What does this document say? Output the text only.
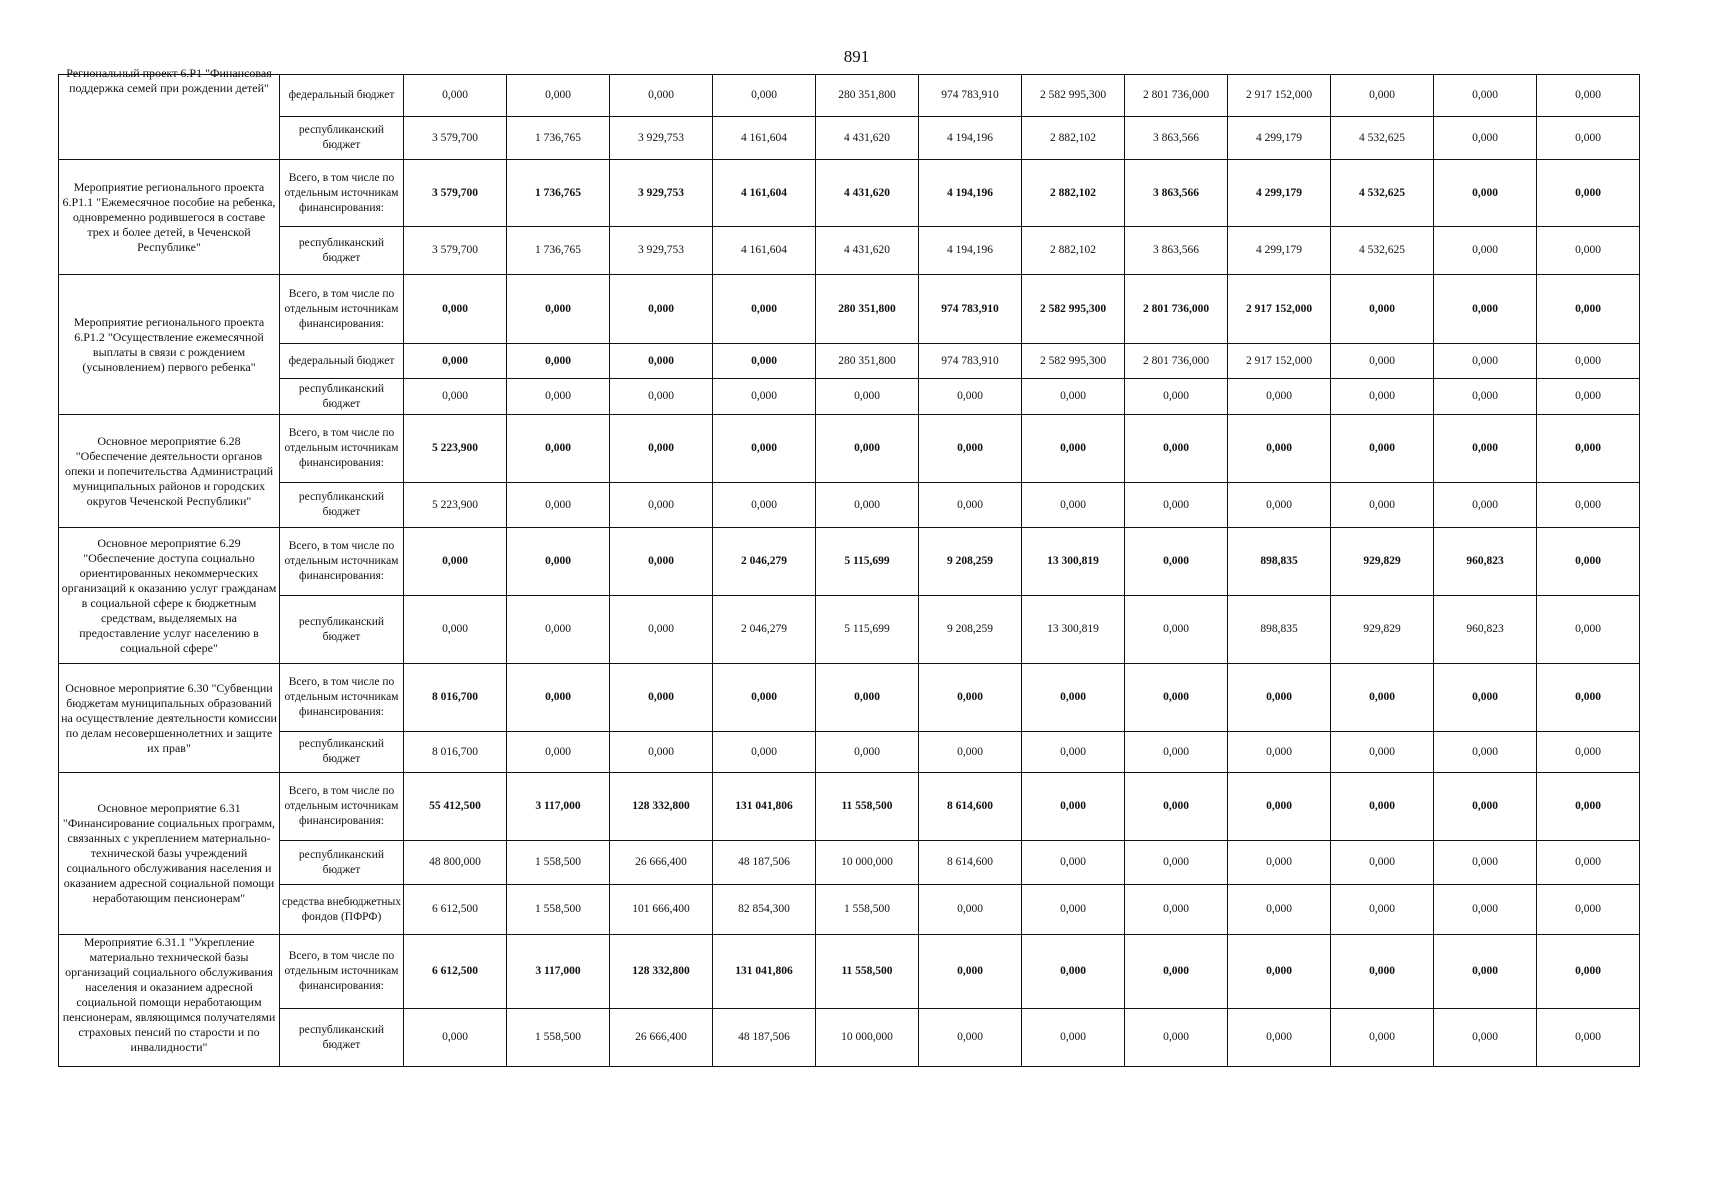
891
Региональный проект 6.Р1 "Финансовая поддержка семей при рождении детей"	федеральный бюджет	0,000	0,000	0,000	0,000	280 351,800	974 783,910	2 582 995,300	2 801 736,000	2 917 152,000	0,000	0,000	0,000
	республиканский бюджет	3 579,700	1 736,765	3 929,753	4 161,604	4 431,620	4 194,196	2 882,102	3 863,566	4 299,179	4 532,625	0,000	0,000
Мероприятие регионального проекта 6.Р1.1 "Ежемесячное пособие на ребенка, одновременно родившегося в составе трех и более детей, в Чеченской Республике"	Всего, в том числе по отдельным источникам финансирования:	3 579,700	1 736,765	3 929,753	4 161,604	4 431,620	4 194,196	2 882,102	3 863,566	4 299,179	4 532,625	0,000	0,000
	республиканский бюджет	3 579,700	1 736,765	3 929,753	4 161,604	4 431,620	4 194,196	2 882,102	3 863,566	4 299,179	4 532,625	0,000	0,000
Мероприятие регионального проекта 6.Р1.2 "Осуществление ежемесячной выплаты в связи с рождением (усыновлением) первого ребенка"	Всего, в том числе по отдельным источникам финансирования:	0,000	0,000	0,000	0,000	280 351,800	974 783,910	2 582 995,300	2 801 736,000	2 917 152,000	0,000	0,000	0,000
	федеральный бюджет	0,000	0,000	0,000	0,000	280 351,800	974 783,910	2 582 995,300	2 801 736,000	2 917 152,000	0,000	0,000	0,000
	республиканский бюджет	0,000	0,000	0,000	0,000	0,000	0,000	0,000	0,000	0,000	0,000	0,000	0,000
Основное мероприятие 6.28 "Обеспечение деятельности органов опеки и попечительства Администраций муниципальных районов и городских округов Чеченской Республики"	Всего, в том числе по отдельным источникам финансирования:	5 223,900	0,000	0,000	0,000	0,000	0,000	0,000	0,000	0,000	0,000	0,000	0,000
	республиканский бюджет	5 223,900	0,000	0,000	0,000	0,000	0,000	0,000	0,000	0,000	0,000	0,000	0,000
Основное мероприятие 6.29 "Обеспечение доступа социально ориентированных некоммерческих организаций к оказанию услуг гражданам в социальной сфере к бюджетным средствам, выделяемых на предоставление услуг населению в социальной сфере"	Всего, в том числе по отдельным источникам финансирования:	0,000	0,000	0,000	2 046,279	5 115,699	9 208,259	13 300,819	0,000	898,835	929,829	960,823	0,000
	республиканский бюджет	0,000	0,000	0,000	2 046,279	5 115,699	9 208,259	13 300,819	0,000	898,835	929,829	960,823	0,000
Основное мероприятие 6.30 "Субвенции бюджетам муниципальных образований на осуществление деятельности комиссии по делам несовершеннолетних и защите их прав"	Всего, в том числе по отдельным источникам финансирования:	8 016,700	0,000	0,000	0,000	0,000	0,000	0,000	0,000	0,000	0,000	0,000	0,000
	республиканский бюджет	8 016,700	0,000	0,000	0,000	0,000	0,000	0,000	0,000	0,000	0,000	0,000	0,000
Основное мероприятие 6.31 "Финансирование социальных программ, связанных с укреплением материально-технической базы учреждений социального обслуживания населения и оказанием адресной социальной помощи неработающим пенсионерам"	Всего, в том числе по отдельным источникам финансирования:	55 412,500	3 117,000	128 332,800	131 041,806	11 558,500	8 614,600	0,000	0,000	0,000	0,000	0,000	0,000
	республиканский бюджет	48 800,000	1 558,500	26 666,400	48 187,506	10 000,000	8 614,600	0,000	0,000	0,000	0,000	0,000	0,000
	средства внебюджетных фондов (ПФРФ)	6 612,500	1 558,500	101 666,400	82 854,300	1 558,500	0,000	0,000	0,000	0,000	0,000	0,000	0,000
Мероприятие 6.31.1 "Укрепление материально технической базы организаций социального обслуживания населения и оказанием адресной социальной помощи неработающим пенсионерам, являющимся получателями страховых пенсий по старости и по инвалидности"	Всего, в том числе по отдельным источникам финансирования:	6 612,500	3 117,000	128 332,800	131 041,806	11 558,500	0,000	0,000	0,000	0,000	0,000	0,000	0,000
	республиканский бюджет	0,000	1 558,500	26 666,400	48 187,506	10 000,000	0,000	0,000	0,000	0,000	0,000	0,000	0,000
